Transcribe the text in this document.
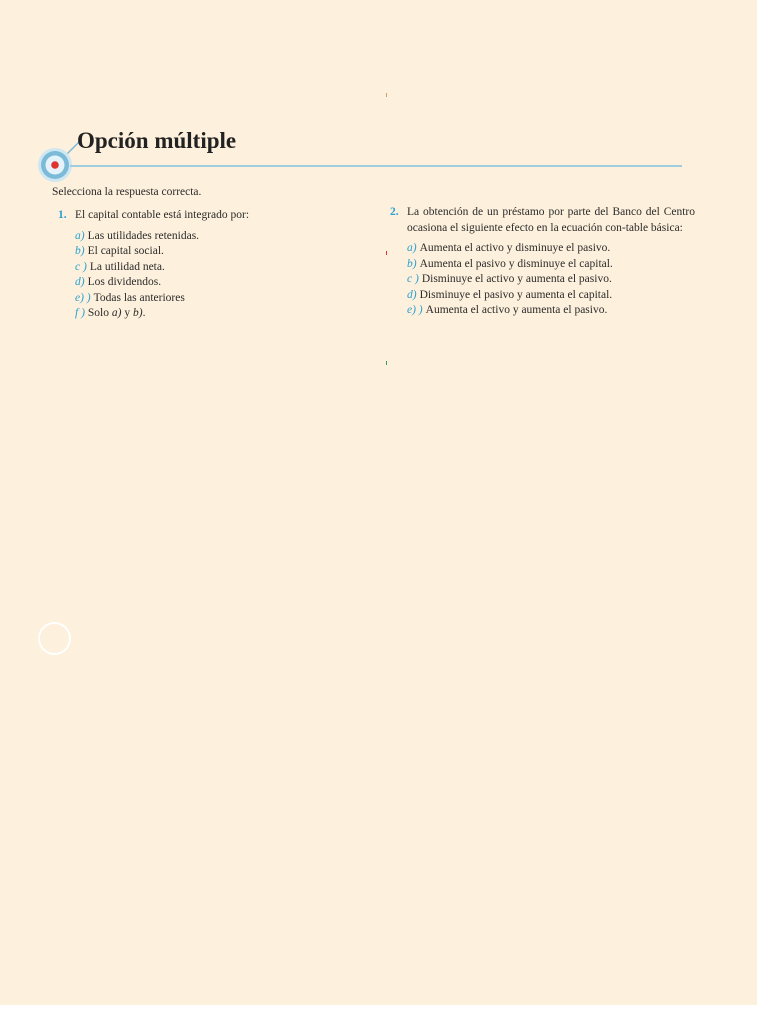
Opción múltiple

Selecciona la respuesta correcta.

1. El capital contable está integrado por:
a) Las utilidades retenidas.
b) El capital social.
c ) La utilidad neta.
d) Los dividendos.
e) ) Todas las anteriores
f ) Solo a) y b).
2. La obtención de un préstamo por parte del Banco del Centro ocasiona el siguiente efecto en la ecuación con-table básica:
a) Aumenta el activo y disminuye el pasivo.
b) Aumenta el pasivo y disminuye el capital.
c ) Disminuye el activo y aumenta el pasivo.
d) Disminuye el pasivo y aumenta el capital.
e) ) Aumenta el activo y aumenta el pasivo.
